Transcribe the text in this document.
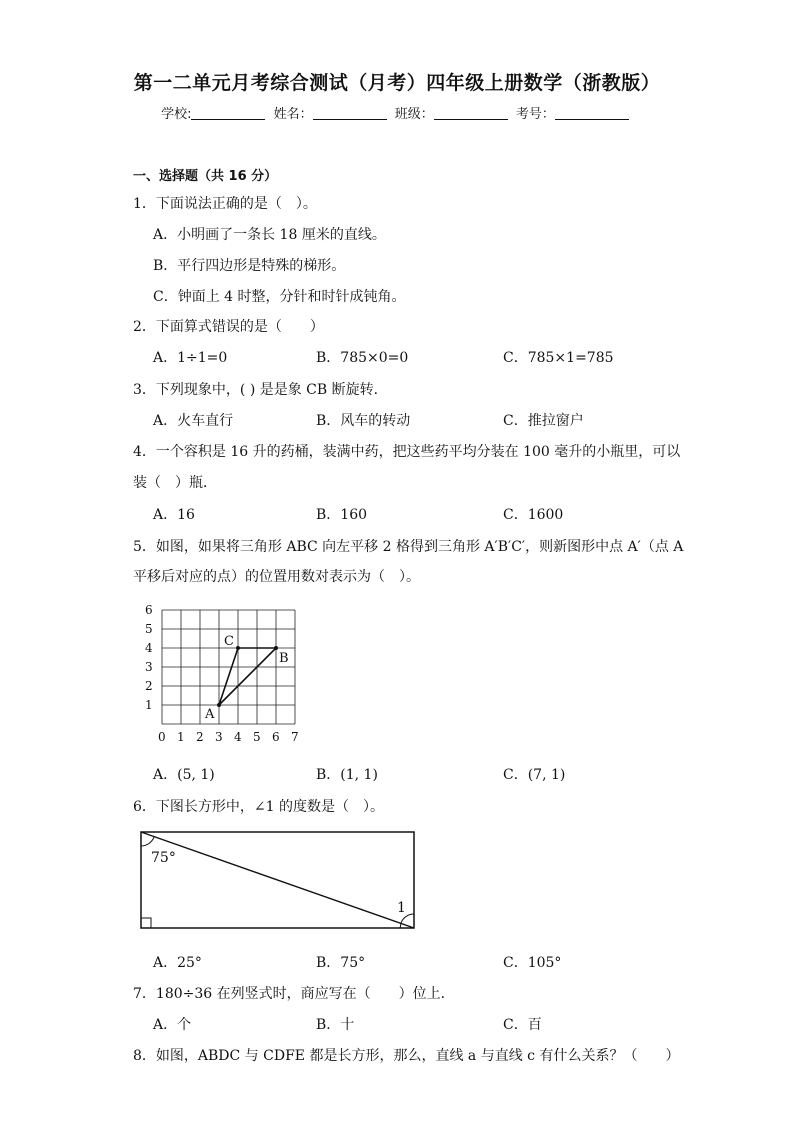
第一二单元月考综合测试（月考）四年级上册数学（浙教版）
学校:	姓名：	班级：	考号：
一、选择题（共 16 分）
1．下面说法正确的是（　）。
A．小明画了一条长 18 厘米的直线。
B．平行四边形是特殊的梯形。
C．钟面上 4 时整，分针和时针成钝角。
2．下面算式错误的是（　　）
A．1÷1=0	B．785×0=0	C．785×1=785
3．下列现象中，( ) 是是象 CB 断旋转．
A．火车直行	B．风车的转动	C．推拉窗户
4．一个容积是 16 升的药桶，装满中药，把这些药平均分装在 100 毫升的小瓶里，可以
装（　）瓶．
A．16	B．160	C．1600
5．如图，如果将三角形 ABC 向左平移 2 格得到三角形 A′B′C′，则新图形中点 A′（点 A
平移后对应的点）的位置用数对表示为（　）。
0 1 2 3 4 5 6 7
1
2
3
4
5
6
A
B
C
A．(5, 1)	B．(1, 1)	C．(7, 1)
6．下图长方形中，∠1 的度数是（　）。
75°
1
A．25°	B．75°	C．105°
7．180÷36 在列竖式时，商应写在（　　）位上．
A．个	B．十	C．百
8．如图，ABDC 与 CDFE 都是长方形，那么，直线 a 与直线 c 有什么关系？（　　）
